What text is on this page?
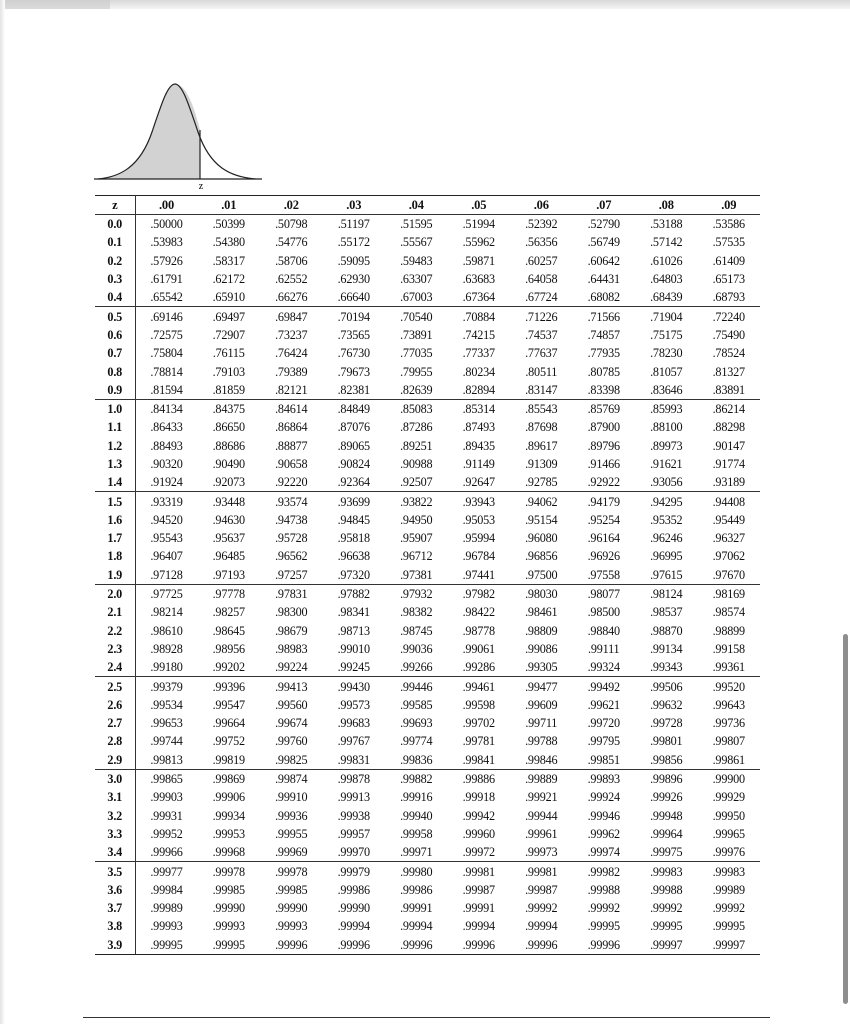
z
z	.00	.01	.02	.03	.04	.05	.06	.07	.08	.09
0.0	.50000	.50399	.50798	.51197	.51595	.51994	.52392	.52790	.53188	.53586
0.1	.53983	.54380	.54776	.55172	.55567	.55962	.56356	.56749	.57142	.57535
0.2	.57926	.58317	.58706	.59095	.59483	.59871	.60257	.60642	.61026	.61409
0.3	.61791	.62172	.62552	.62930	.63307	.63683	.64058	.64431	.64803	.65173
0.4	.65542	.65910	.66276	.66640	.67003	.67364	.67724	.68082	.68439	.68793
0.5	.69146	.69497	.69847	.70194	.70540	.70884	.71226	.71566	.71904	.72240
0.6	.72575	.72907	.73237	.73565	.73891	.74215	.74537	.74857	.75175	.75490
0.7	.75804	.76115	.76424	.76730	.77035	.77337	.77637	.77935	.78230	.78524
0.8	.78814	.79103	.79389	.79673	.79955	.80234	.80511	.80785	.81057	.81327
0.9	.81594	.81859	.82121	.82381	.82639	.82894	.83147	.83398	.83646	.83891
1.0	.84134	.84375	.84614	.84849	.85083	.85314	.85543	.85769	.85993	.86214
1.1	.86433	.86650	.86864	.87076	.87286	.87493	.87698	.87900	.88100	.88298
1.2	.88493	.88686	.88877	.89065	.89251	.89435	.89617	.89796	.89973	.90147
1.3	.90320	.90490	.90658	.90824	.90988	.91149	.91309	.91466	.91621	.91774
1.4	.91924	.92073	.92220	.92364	.92507	.92647	.92785	.92922	.93056	.93189
1.5	.93319	.93448	.93574	.93699	.93822	.93943	.94062	.94179	.94295	.94408
1.6	.94520	.94630	.94738	.94845	.94950	.95053	.95154	.95254	.95352	.95449
1.7	.95543	.95637	.95728	.95818	.95907	.95994	.96080	.96164	.96246	.96327
1.8	.96407	.96485	.96562	.96638	.96712	.96784	.96856	.96926	.96995	.97062
1.9	.97128	.97193	.97257	.97320	.97381	.97441	.97500	.97558	.97615	.97670
2.0	.97725	.97778	.97831	.97882	.97932	.97982	.98030	.98077	.98124	.98169
2.1	.98214	.98257	.98300	.98341	.98382	.98422	.98461	.98500	.98537	.98574
2.2	.98610	.98645	.98679	.98713	.98745	.98778	.98809	.98840	.98870	.98899
2.3	.98928	.98956	.98983	.99010	.99036	.99061	.99086	.99111	.99134	.99158
2.4	.99180	.99202	.99224	.99245	.99266	.99286	.99305	.99324	.99343	.99361
2.5	.99379	.99396	.99413	.99430	.99446	.99461	.99477	.99492	.99506	.99520
2.6	.99534	.99547	.99560	.99573	.99585	.99598	.99609	.99621	.99632	.99643
2.7	.99653	.99664	.99674	.99683	.99693	.99702	.99711	.99720	.99728	.99736
2.8	.99744	.99752	.99760	.99767	.99774	.99781	.99788	.99795	.99801	.99807
2.9	.99813	.99819	.99825	.99831	.99836	.99841	.99846	.99851	.99856	.99861
3.0	.99865	.99869	.99874	.99878	.99882	.99886	.99889	.99893	.99896	.99900
3.1	.99903	.99906	.99910	.99913	.99916	.99918	.99921	.99924	.99926	.99929
3.2	.99931	.99934	.99936	.99938	.99940	.99942	.99944	.99946	.99948	.99950
3.3	.99952	.99953	.99955	.99957	.99958	.99960	.99961	.99962	.99964	.99965
3.4	.99966	.99968	.99969	.99970	.99971	.99972	.99973	.99974	.99975	.99976
3.5	.99977	.99978	.99978	.99979	.99980	.99981	.99981	.99982	.99983	.99983
3.6	.99984	.99985	.99985	.99986	.99986	.99987	.99987	.99988	.99988	.99989
3.7	.99989	.99990	.99990	.99990	.99991	.99991	.99992	.99992	.99992	.99992
3.8	.99993	.99993	.99993	.99994	.99994	.99994	.99994	.99995	.99995	.99995
3.9	.99995	.99995	.99996	.99996	.99996	.99996	.99996	.99996	.99997	.99997
